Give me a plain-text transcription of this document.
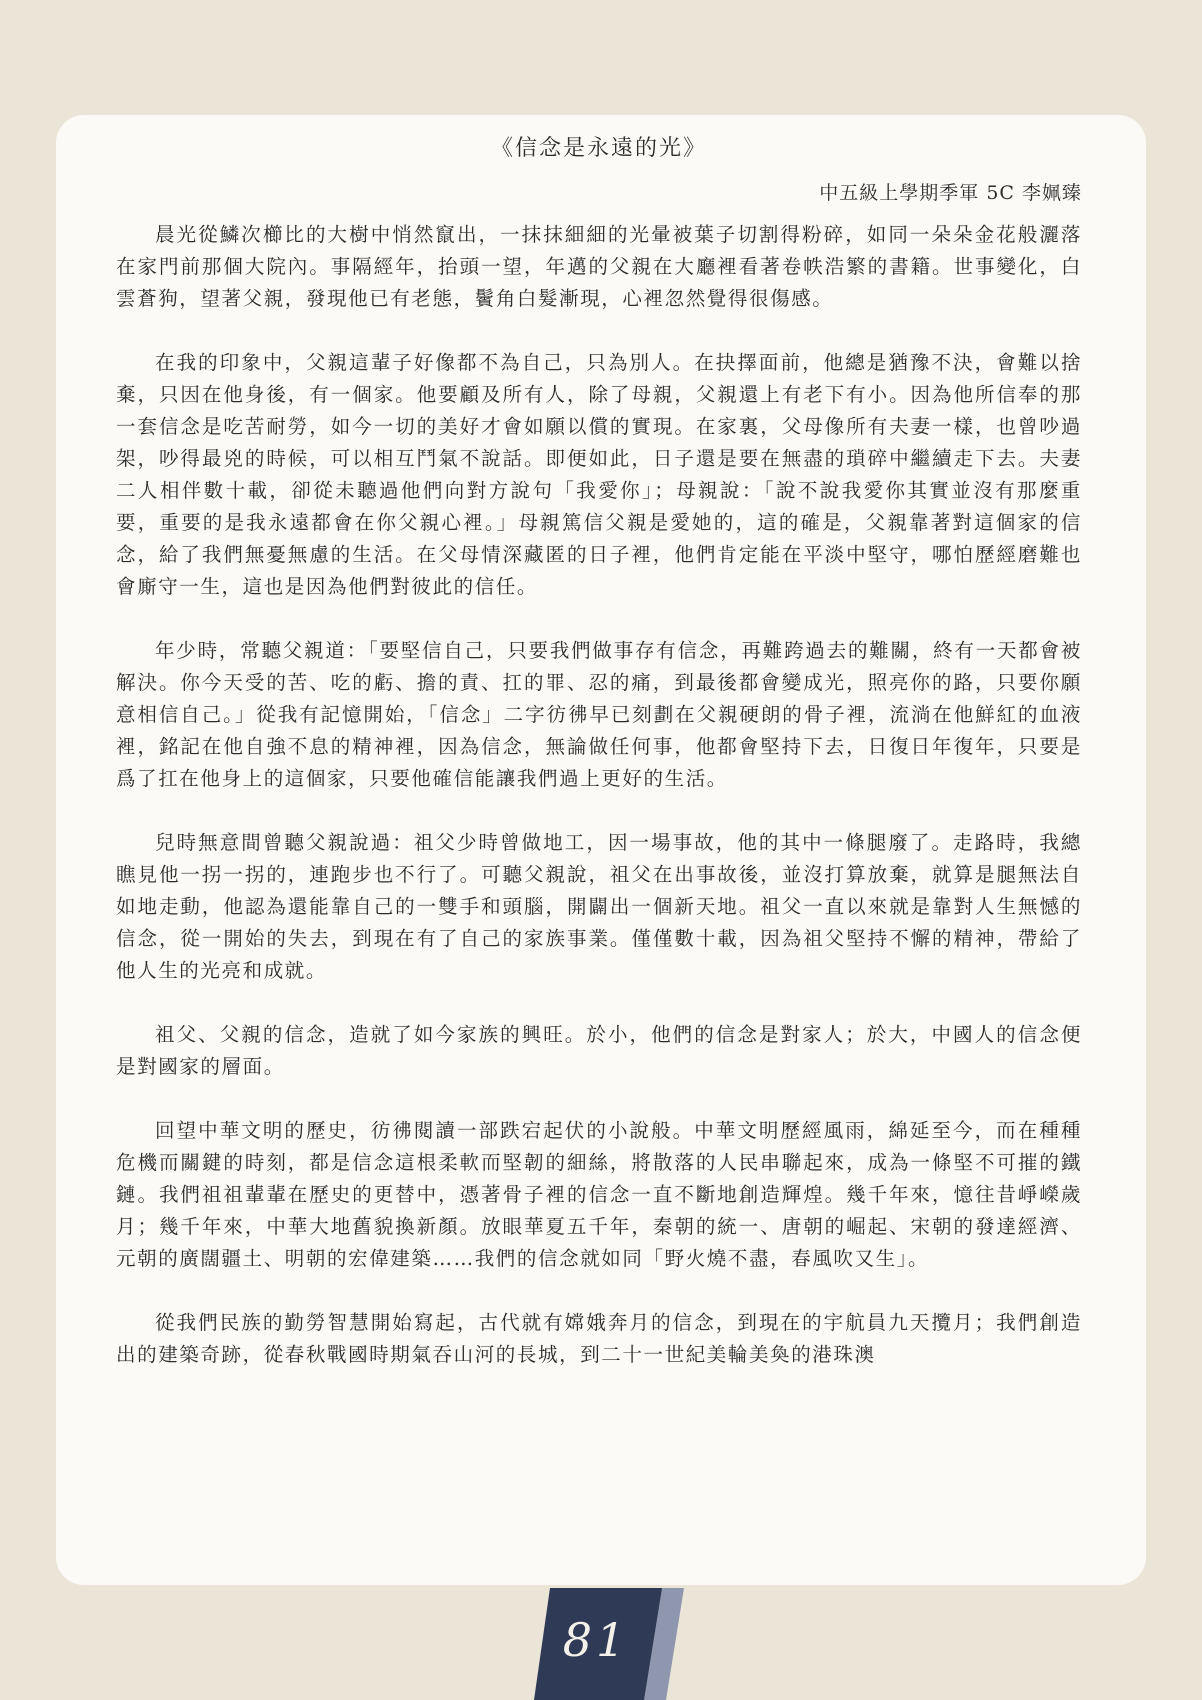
《信念是永遠的光》
中五級上學期季軍 5C 李姵臻

晨光從鱗次櫛比的大樹中悄然竄出，一抹抹細細的光暈被葉子切割得粉碎，如同一朵朵金花般灑落在家門前那個大院內。事隔經年，抬頭一望，年邁的父親在大廳裡看著卷帙浩繁的書籍。世事變化，白雲蒼狗，望著父親，發現他已有老態，鬢角白髮漸現，心裡忽然覺得很傷感。

在我的印象中，父親這輩子好像都不為自己，只為別人。在抉擇面前，他總是猶豫不決，會難以捨棄，只因在他身後，有一個家。他要顧及所有人，除了母親，父親還上有老下有小。因為他所信奉的那一套信念是吃苦耐勞，如今一切的美好才會如願以償的實現。在家裏，父母像所有夫妻一樣，也曾吵過架，吵得最兇的時候，可以相互鬥氣不說話。即便如此，日子還是要在無盡的瑣碎中繼續走下去。夫妻二人相伴數十載，卻從未聽過他們向對方說句「我愛你」；母親說：「說不說我愛你其實並沒有那麼重要，重要的是我永遠都會在你父親心裡。」母親篤信父親是愛她的，這的確是，父親靠著對這個家的信念，給了我們無憂無慮的生活。在父母情深藏匿的日子裡，他們肯定能在平淡中堅守，哪怕歷經磨難也會廝守一生，這也是因為他們對彼此的信任。

年少時，常聽父親道：「要堅信自己，只要我們做事存有信念，再難跨過去的難關，終有一天都會被解決。你今天受的苦、吃的虧、擔的責、扛的罪、忍的痛，到最後都會變成光，照亮你的路，只要你願意相信自己。」從我有記憶開始，「信念」二字彷彿早已刻劃在父親硬朗的骨子裡，流淌在他鮮紅的血液裡，銘記在他自強不息的精神裡，因為信念，無論做任何事，他都會堅持下去，日復日年復年，只要是爲了扛在他身上的這個家，只要他確信能讓我們過上更好的生活。

兒時無意間曾聽父親說過：祖父少時曾做地工，因一場事故，他的其中一條腿廢了。走路時，我總瞧見他一拐一拐的，連跑步也不行了。可聽父親說，祖父在出事故後，並沒打算放棄，就算是腿無法自如地走動，他認為還能靠自己的一雙手和頭腦，開闢出一個新天地。祖父一直以來就是靠對人生無憾的信念，從一開始的失去，到現在有了自己的家族事業。僅僅數十載，因為祖父堅持不懈的精神，帶給了他人生的光亮和成就。

祖父、父親的信念，造就了如今家族的興旺。於小，他們的信念是對家人；於大，中國人的信念便是對國家的層面。

回望中華文明的歷史，彷彿閱讀一部跌宕起伏的小說般。中華文明歷經風雨，綿延至今，而在種種危機而關鍵的時刻，都是信念這根柔軟而堅韌的細絲，將散落的人民串聯起來，成為一條堅不可摧的鐵鏈。我們祖祖輩輩在歷史的更替中，憑著骨子裡的信念一直不斷地創造輝煌。幾千年來，憶往昔崢嶸歲月；幾千年來，中華大地舊貌換新顏。放眼華夏五千年，秦朝的統一、唐朝的崛起、宋朝的發達經濟、元朝的廣闊疆土、明朝的宏偉建築……我們的信念就如同「野火燒不盡，春風吹又生」。

從我們民族的勤勞智慧開始寫起，古代就有嫦娥奔月的信念，到現在的宇航員九天攬月；我們創造出的建築奇跡，從春秋戰國時期氣吞山河的長城，到二十一世紀美輪美奐的港珠澳

81
